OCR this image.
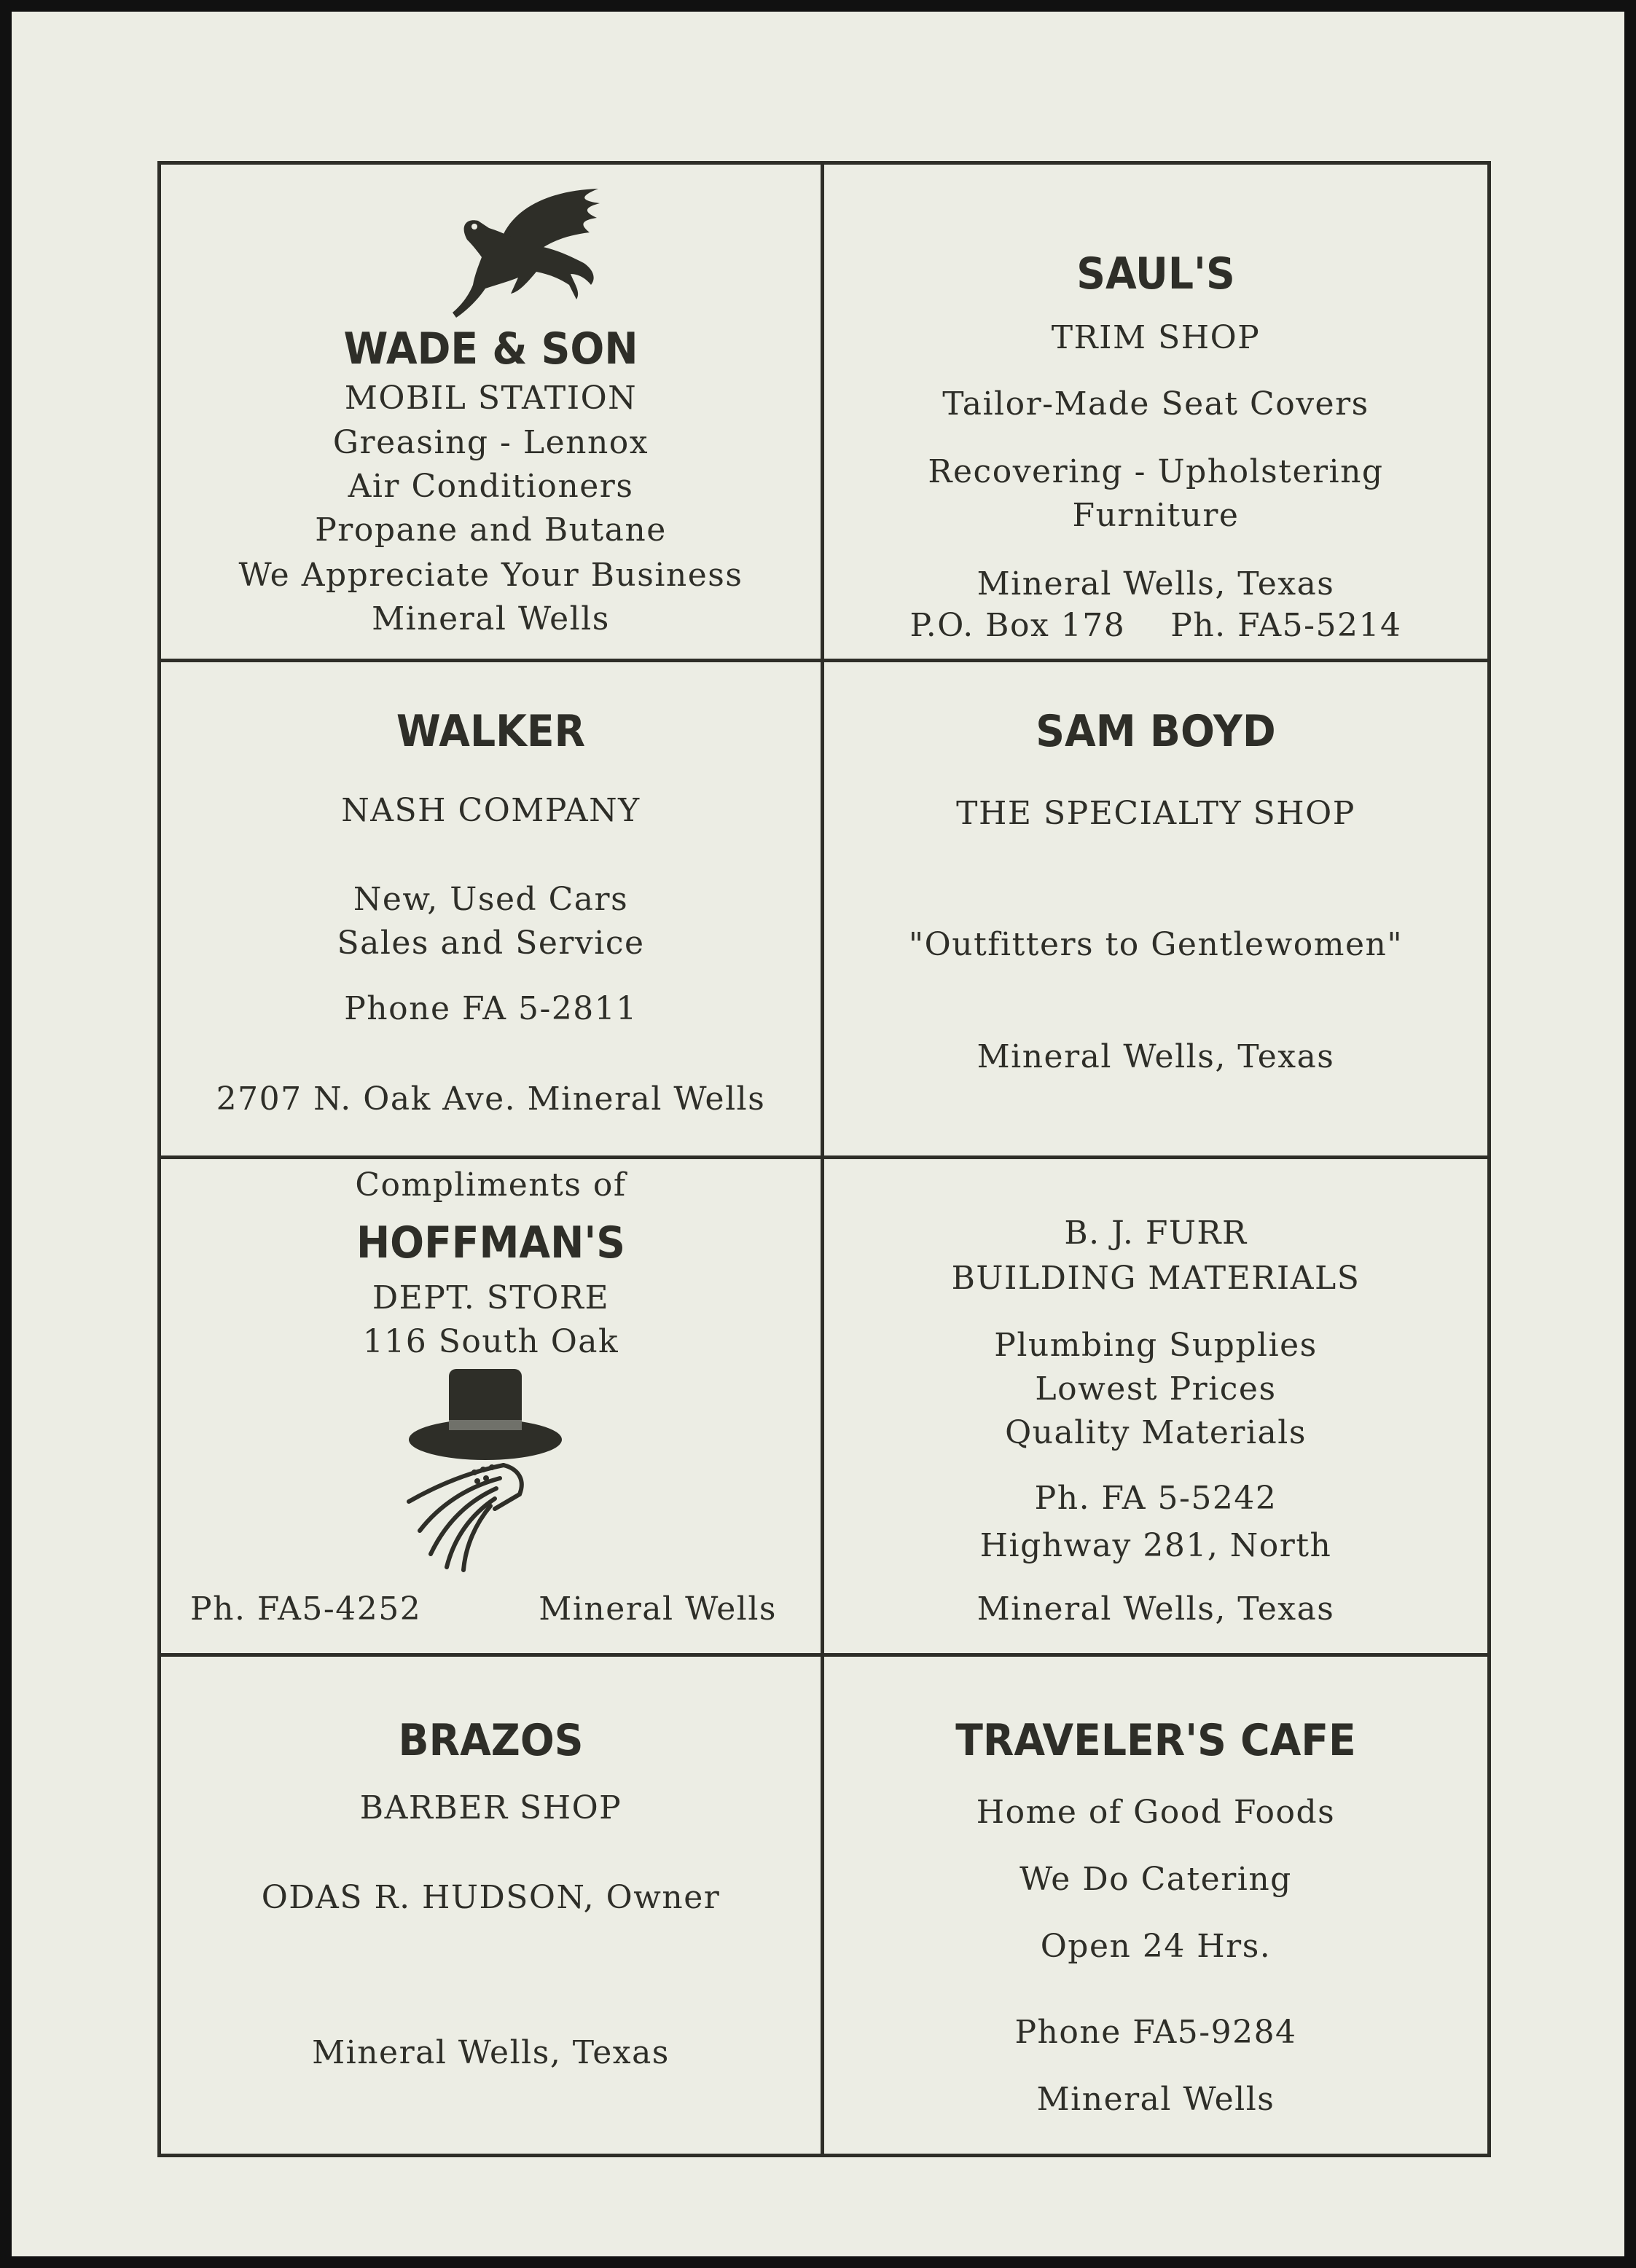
WADE & SON
MOBIL STATION
Greasing - Lennox
Air Conditioners
Propane and Butane
We Appreciate Your Business
Mineral Wells
SAUL'S
TRIM SHOP
Tailor-Made Seat Covers
Recovering - Upholstering
Furniture
Mineral Wells, Texas
P.O. Box 178    Ph. FA5-5214
WALKER
NASH COMPANY
New, Used Cars
Sales and Service
Phone FA 5-2811
2707 N. Oak Ave. Mineral Wells
SAM BOYD
THE SPECIALTY SHOP
"Outfitters to Gentlewomen"
Mineral Wells, Texas
Compliments of
HOFFMAN'S
DEPT. STORE
116 South Oak
Ph. FA5-4252	Mineral Wells
B. J. FURR
BUILDING MATERIALS
Plumbing Supplies
Lowest Prices
Quality Materials
Ph. FA 5-5242
Highway 281, North
Mineral Wells, Texas
BRAZOS
BARBER SHOP
ODAS R. HUDSON, Owner
Mineral Wells, Texas
TRAVELER'S CAFE
Home of Good Foods
We Do Catering
Open 24 Hrs.
Phone FA5-9284
Mineral Wells
